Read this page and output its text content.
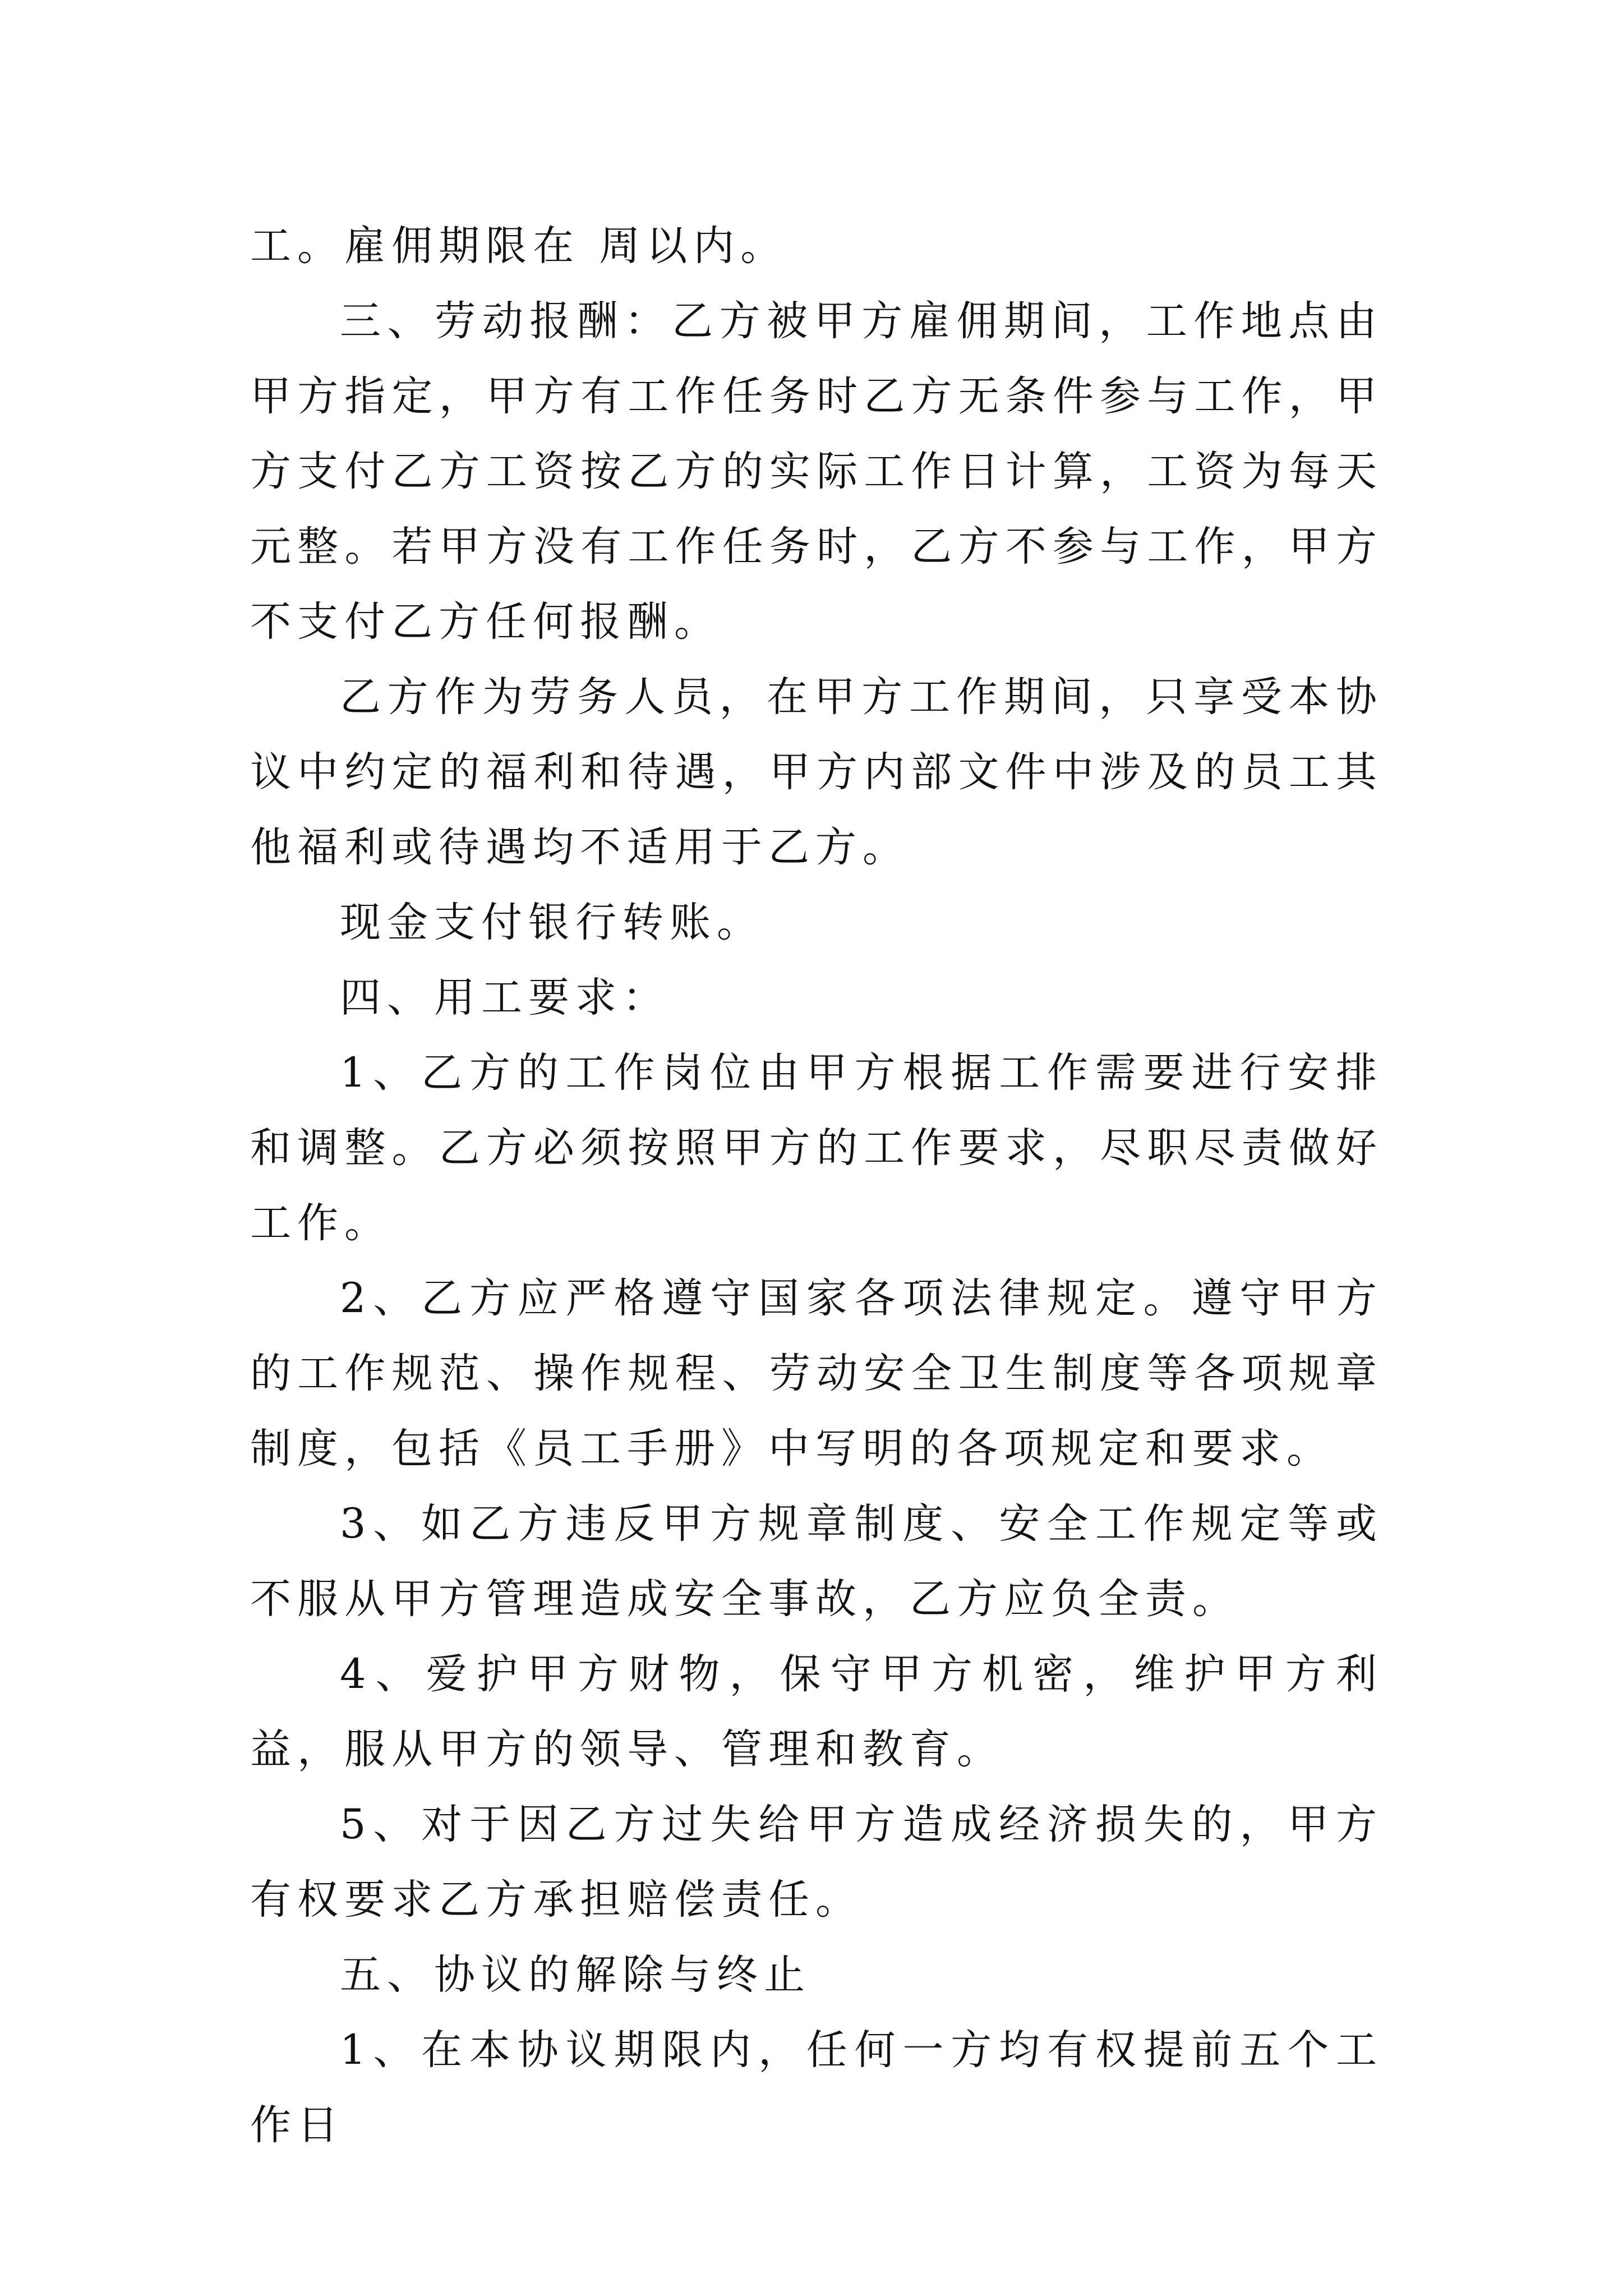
工。雇佣期限在 周以内。

三、劳动报酬：乙方被甲方雇佣期间，工作地点由甲方指定，甲方有工作任务时乙方无条件参与工作，甲方支付乙方工资按乙方的实际工作日计算，工资为每天元整。若甲方没有工作任务时，乙方不参与工作，甲方不支付乙方任何报酬。

乙方作为劳务人员，在甲方工作期间，只享受本协议中约定的福利和待遇，甲方内部文件中涉及的员工其他福利或待遇均不适用于乙方。

现金支付银行转账。

四、用工要求：

1、乙方的工作岗位由甲方根据工作需要进行安排和调整。乙方必须按照甲方的工作要求，尽职尽责做好工作。

2、乙方应严格遵守国家各项法律规定。遵守甲方的工作规范、操作规程、劳动安全卫生制度等各项规章制度，包括《员工手册》中写明的各项规定和要求。

3、如乙方违反甲方规章制度、安全工作规定等或不服从甲方管理造成安全事故，乙方应负全责。

4、爱护甲方财物，保守甲方机密，维护甲方利益，服从甲方的领导、管理和教育。

5、对于因乙方过失给甲方造成经济损失的，甲方有权要求乙方承担赔偿责任。

五、协议的解除与终止

1、在本协议期限内，任何一方均有权提前五个工作日
